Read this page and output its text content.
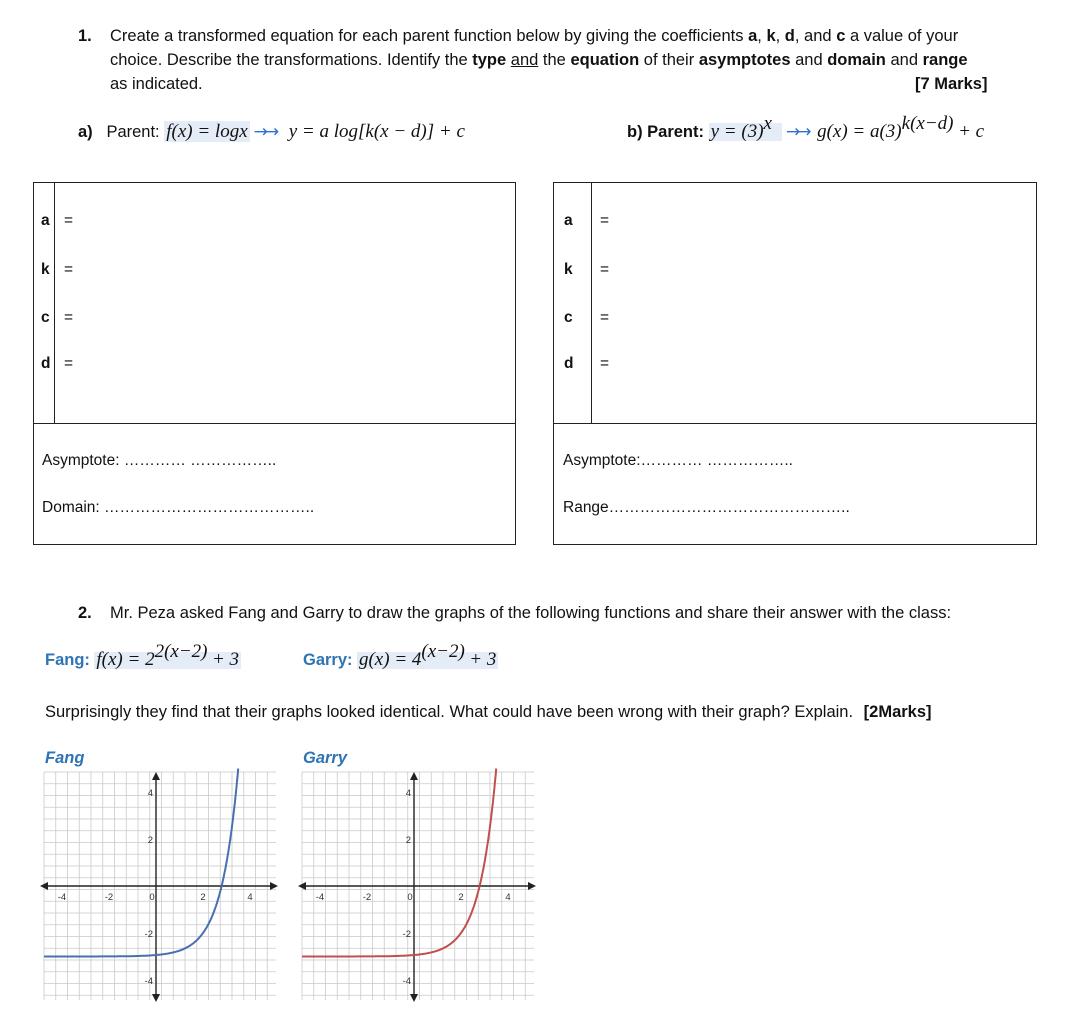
1. Create a transformed equation for each parent function below by giving the coefficients a, k, d, and c a value of your
choice. Describe the transformations. Identify the type and the equation of their asymptotes and domain and range
as indicated.	[7 Marks]
a) Parent: f(x) = logx →→ y = a log[k(x − d)] + c	b) Parent: $y = (3)^x \to\to g(x) = a(3)^{k(x-d)} + c$
a =
k =
c =
d =
Asymptote: ………… ……………..
Domain: …………………………………..
a =
k =
c =
d =
Asymptote:………… ……………..
Range………………………………………..
2. Mr. Peza asked Fang and Garry to draw the graphs of the following functions and share their answer with the class:
Fang: $f(x) = 2^{2(x-2)} + 3$	Garry: $g(x) = 4^{(x-2)} + 3$
Surprisingly they find that their graphs looked identical. What could have been wrong with their graph? Explain. [2Marks]
Fang	Garry
-4	-2	0	2	4
4
2
-2
-4
-4	-2	0	2	4
4
2
-2
-4
